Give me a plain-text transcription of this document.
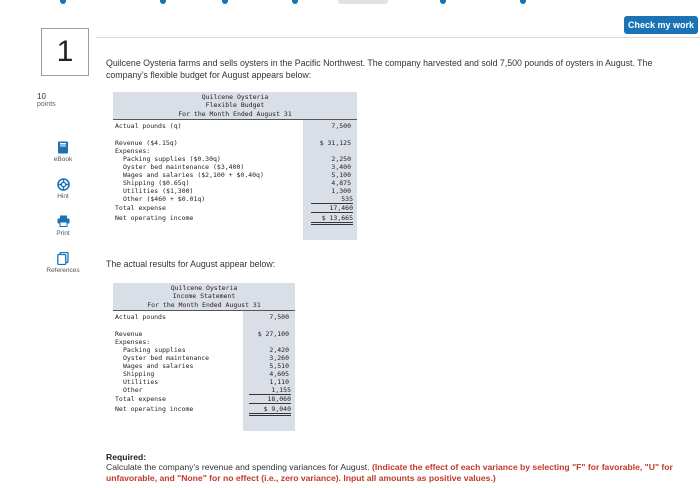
Check my work
1
10
points
eBook
Hint
Print
References
Quilcene Oysteria farms and sells oysters in the Pacific Northwest. The company harvested and sold 7,500 pounds of oysters in August. The company’s flexible budget for August appears below:
Quilcene Oysteria
Flexible Budget
For the Month Ended August 31
Actual pounds (q)	7,500
Revenue ($4.15q)	$ 31,125
Expenses:
Packing supplies ($0.30q)	2,250
Oyster bed maintenance ($3,400)	3,400
Wages and salaries ($2,100 + $0.40q)	5,100
Shipping ($0.65q)	4,875
Utilities ($1,300)	1,300
Other ($460 + $0.01q)	535
Total expense	17,460
Net operating income	$ 13,665
The actual results for August appear below:
Quilcene Oysteria
Income Statement
For the Month Ended August 31
Actual pounds	7,500
Revenue	$ 27,100
Expenses:
Packing supplies	2,420
Oyster bed maintenance	3,260
Wages and salaries	5,510
Shipping	4,605
Utilities	1,110
Other	1,155
Total expense	18,060
Net operating income	$ 9,040
Required:
Calculate the company’s revenue and spending variances for August. (Indicate the effect of each variance by selecting "F" for favorable, "U" for unfavorable, and "None" for no effect (i.e., zero variance). Input all amounts as positive values.)
